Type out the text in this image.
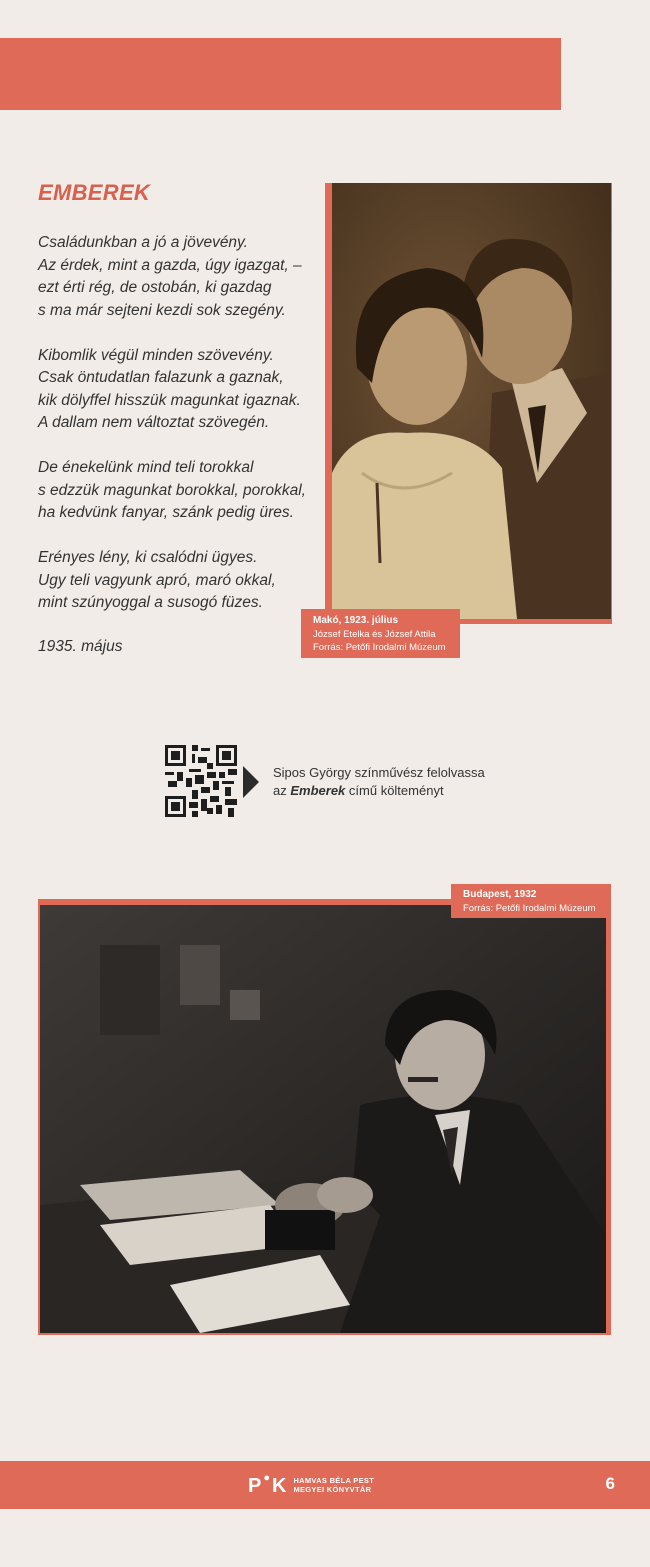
EMBEREK
Családunkban a jó a jövevény.
Az érdek, mint a gazda, úgy igazgat, –
ezt érti rég, de ostobán, ki gazdag
s ma már sejteni kezdi sok szegény.
Kibomlik végül minden szövevény.
Csak öntudatlan falazunk a gaznak,
kik dölyffel hisszük magunkat igaznak.
A dallam nem változtat szövegén.
De énekelünk mind teli torokkal
s edzzük magunkat borokkal, porokkal,
ha kedvünk fanyar, szánk pedig üres.
Erényes lény, ki csalódni ügyes.
Ugy teli vagyunk apró, maró okkal,
mint szúnyoggal a susogó füzes.
1935. május
Makó, 1923. július
József Etelka és József Attila
Forrás: Petőfi Irodalmi Múzeum
Sipos György színművész felolvassa
az Emberek című költeményt
Budapest, 1932
Forrás: Petőfi Irodalmi Múzeum
P ● K HAMVAS BÉLA PEST
MEGYEI KÖNYVTÁR	6
